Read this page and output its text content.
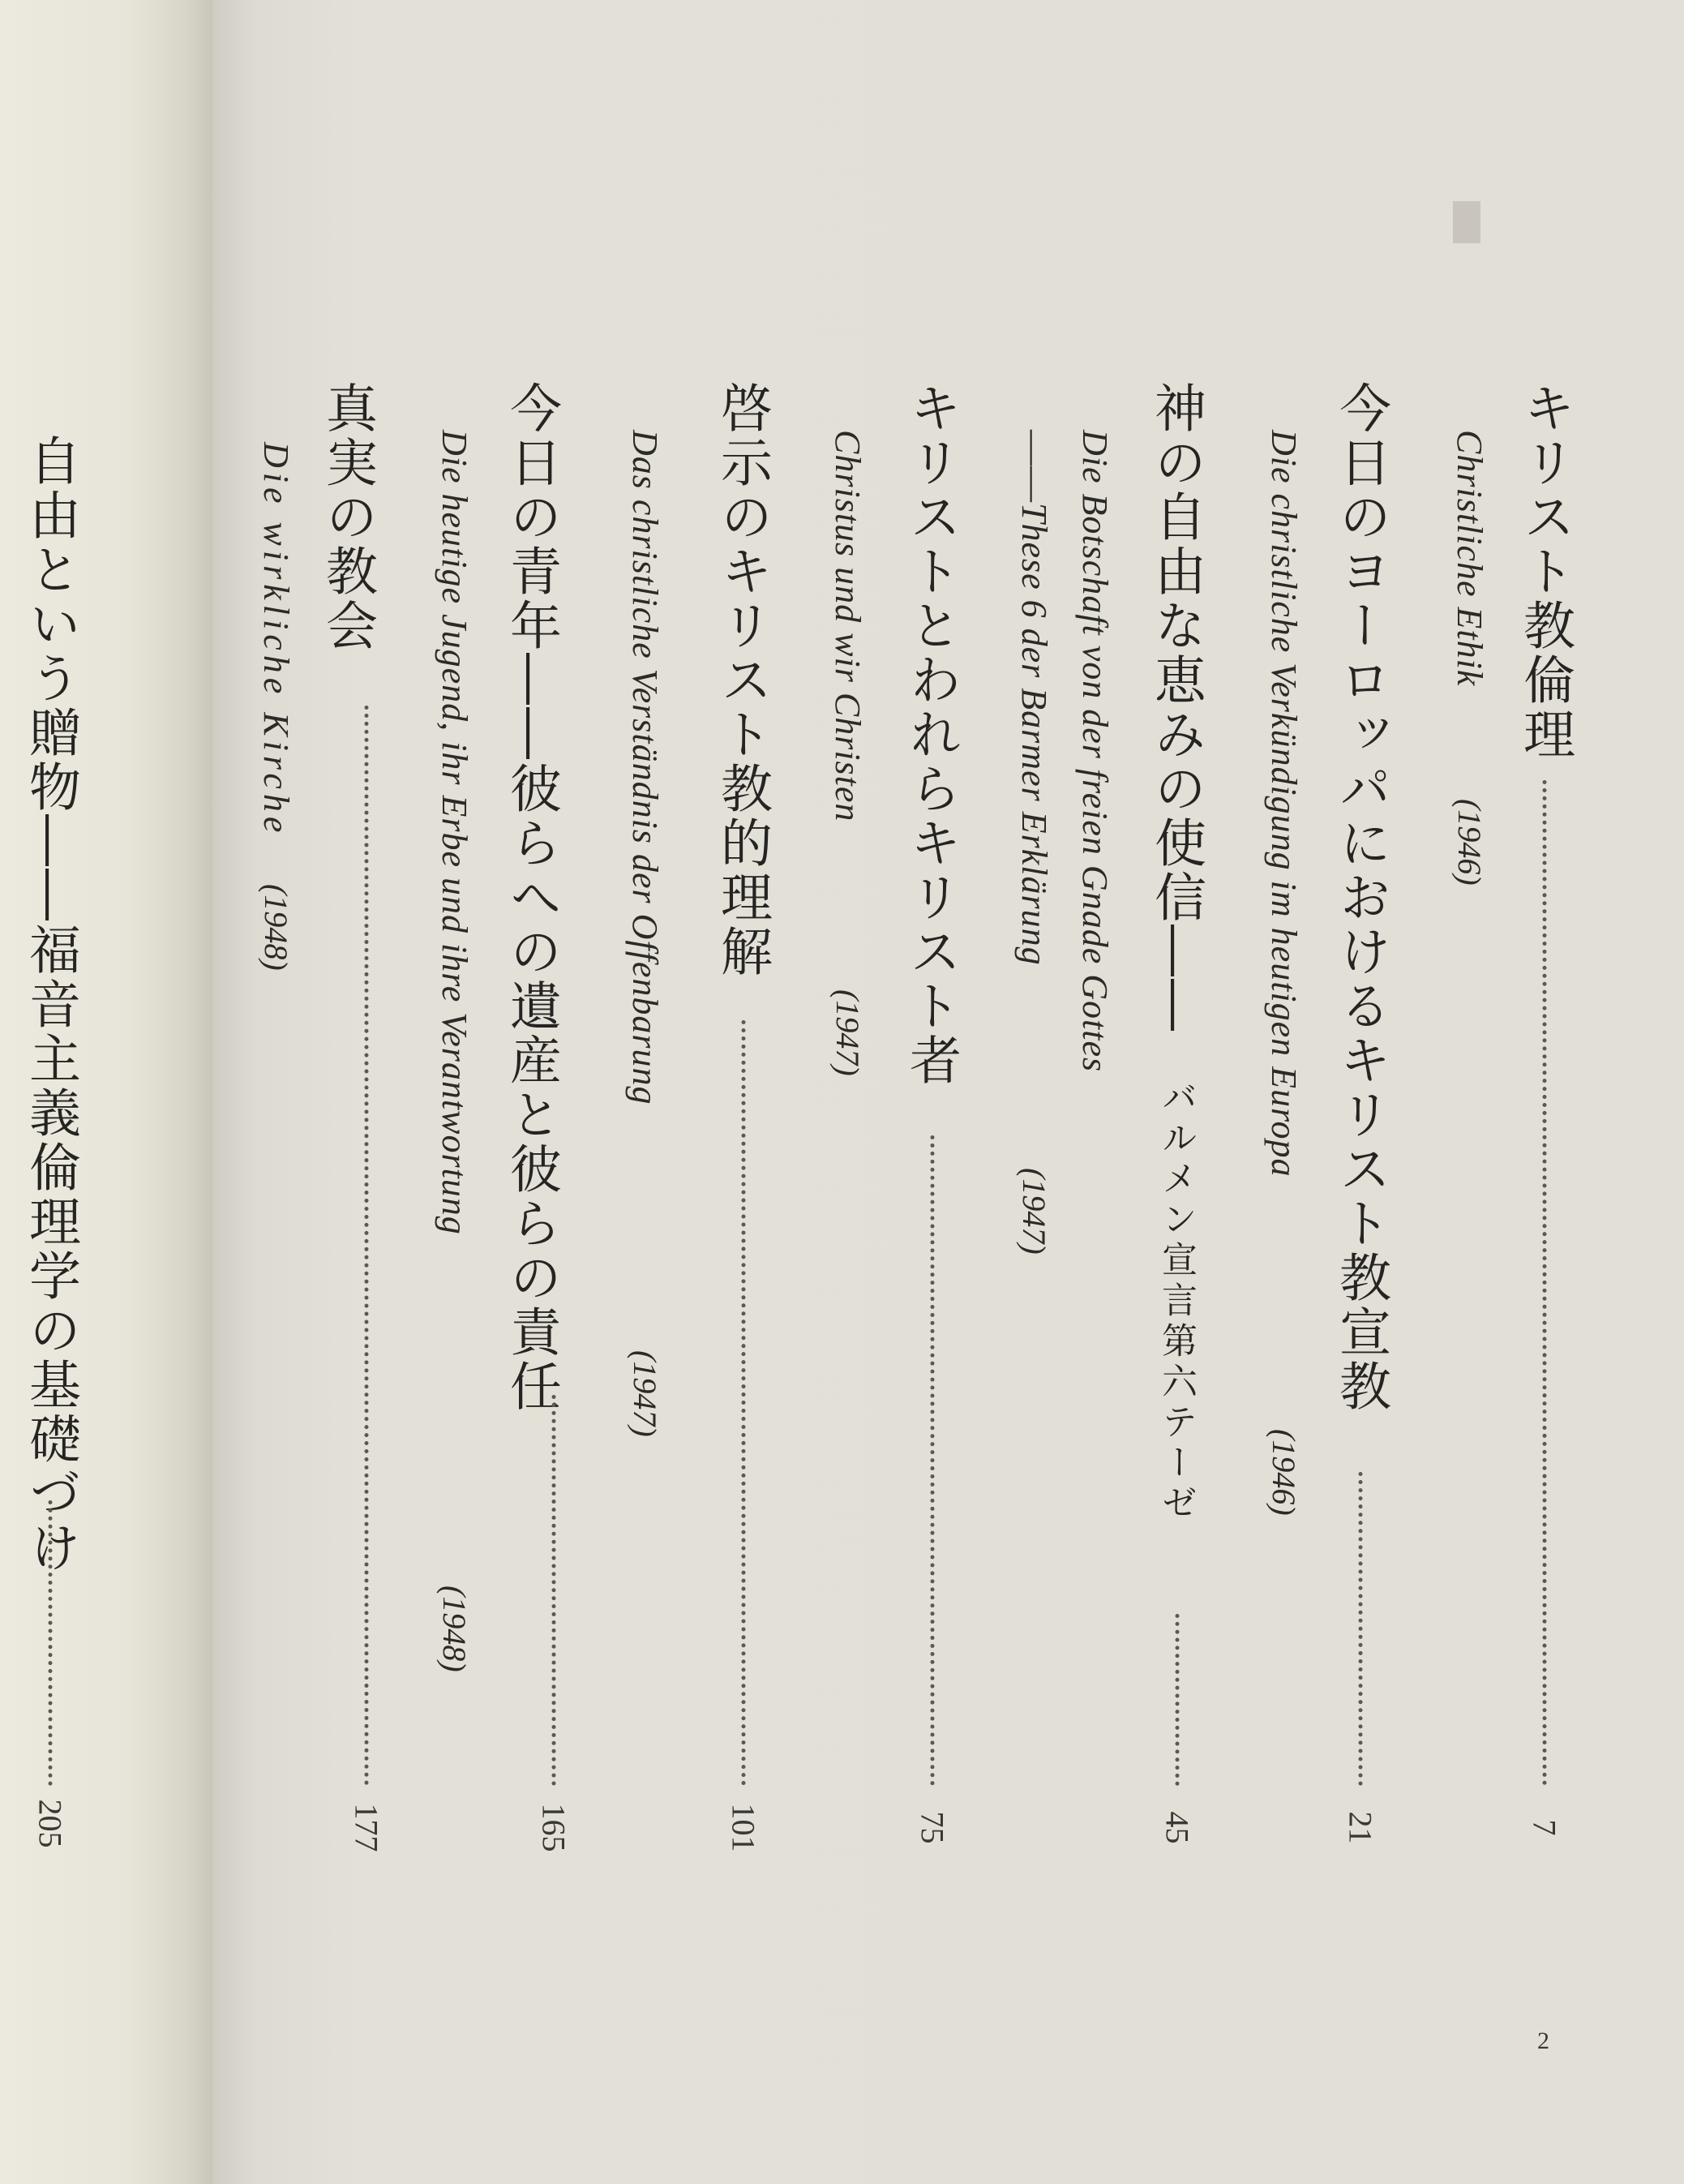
キリスト教倫理
Christliche Ethik
(1946)
7
今日のヨーロッパにおけるキリスト教宣教
Die christliche Verkündigung im heutigen Europa
(1946)
21
神の自由な恵みの使信――
バルメン宣言第六テーゼ
Die Botschaft von der freien Gnade Gottes
――These 6 der Barmer Erklärung
(1947)
45
キリストとわれらキリスト者
Christus und wir Christen
(1947)
75
啓示のキリスト教的理解
Das christliche Verständnis der Offenbarung
(1947)
101
今日の青年――彼らへの遺産と彼らの責任
Die heutige Jugend, ihr Erbe und ihre Verantwortung
(1948)
165
真実の教会
Die wirkliche Kirche
(1948)
177
自由という贈物――福音主義倫理学の基礎づけ
205
2
